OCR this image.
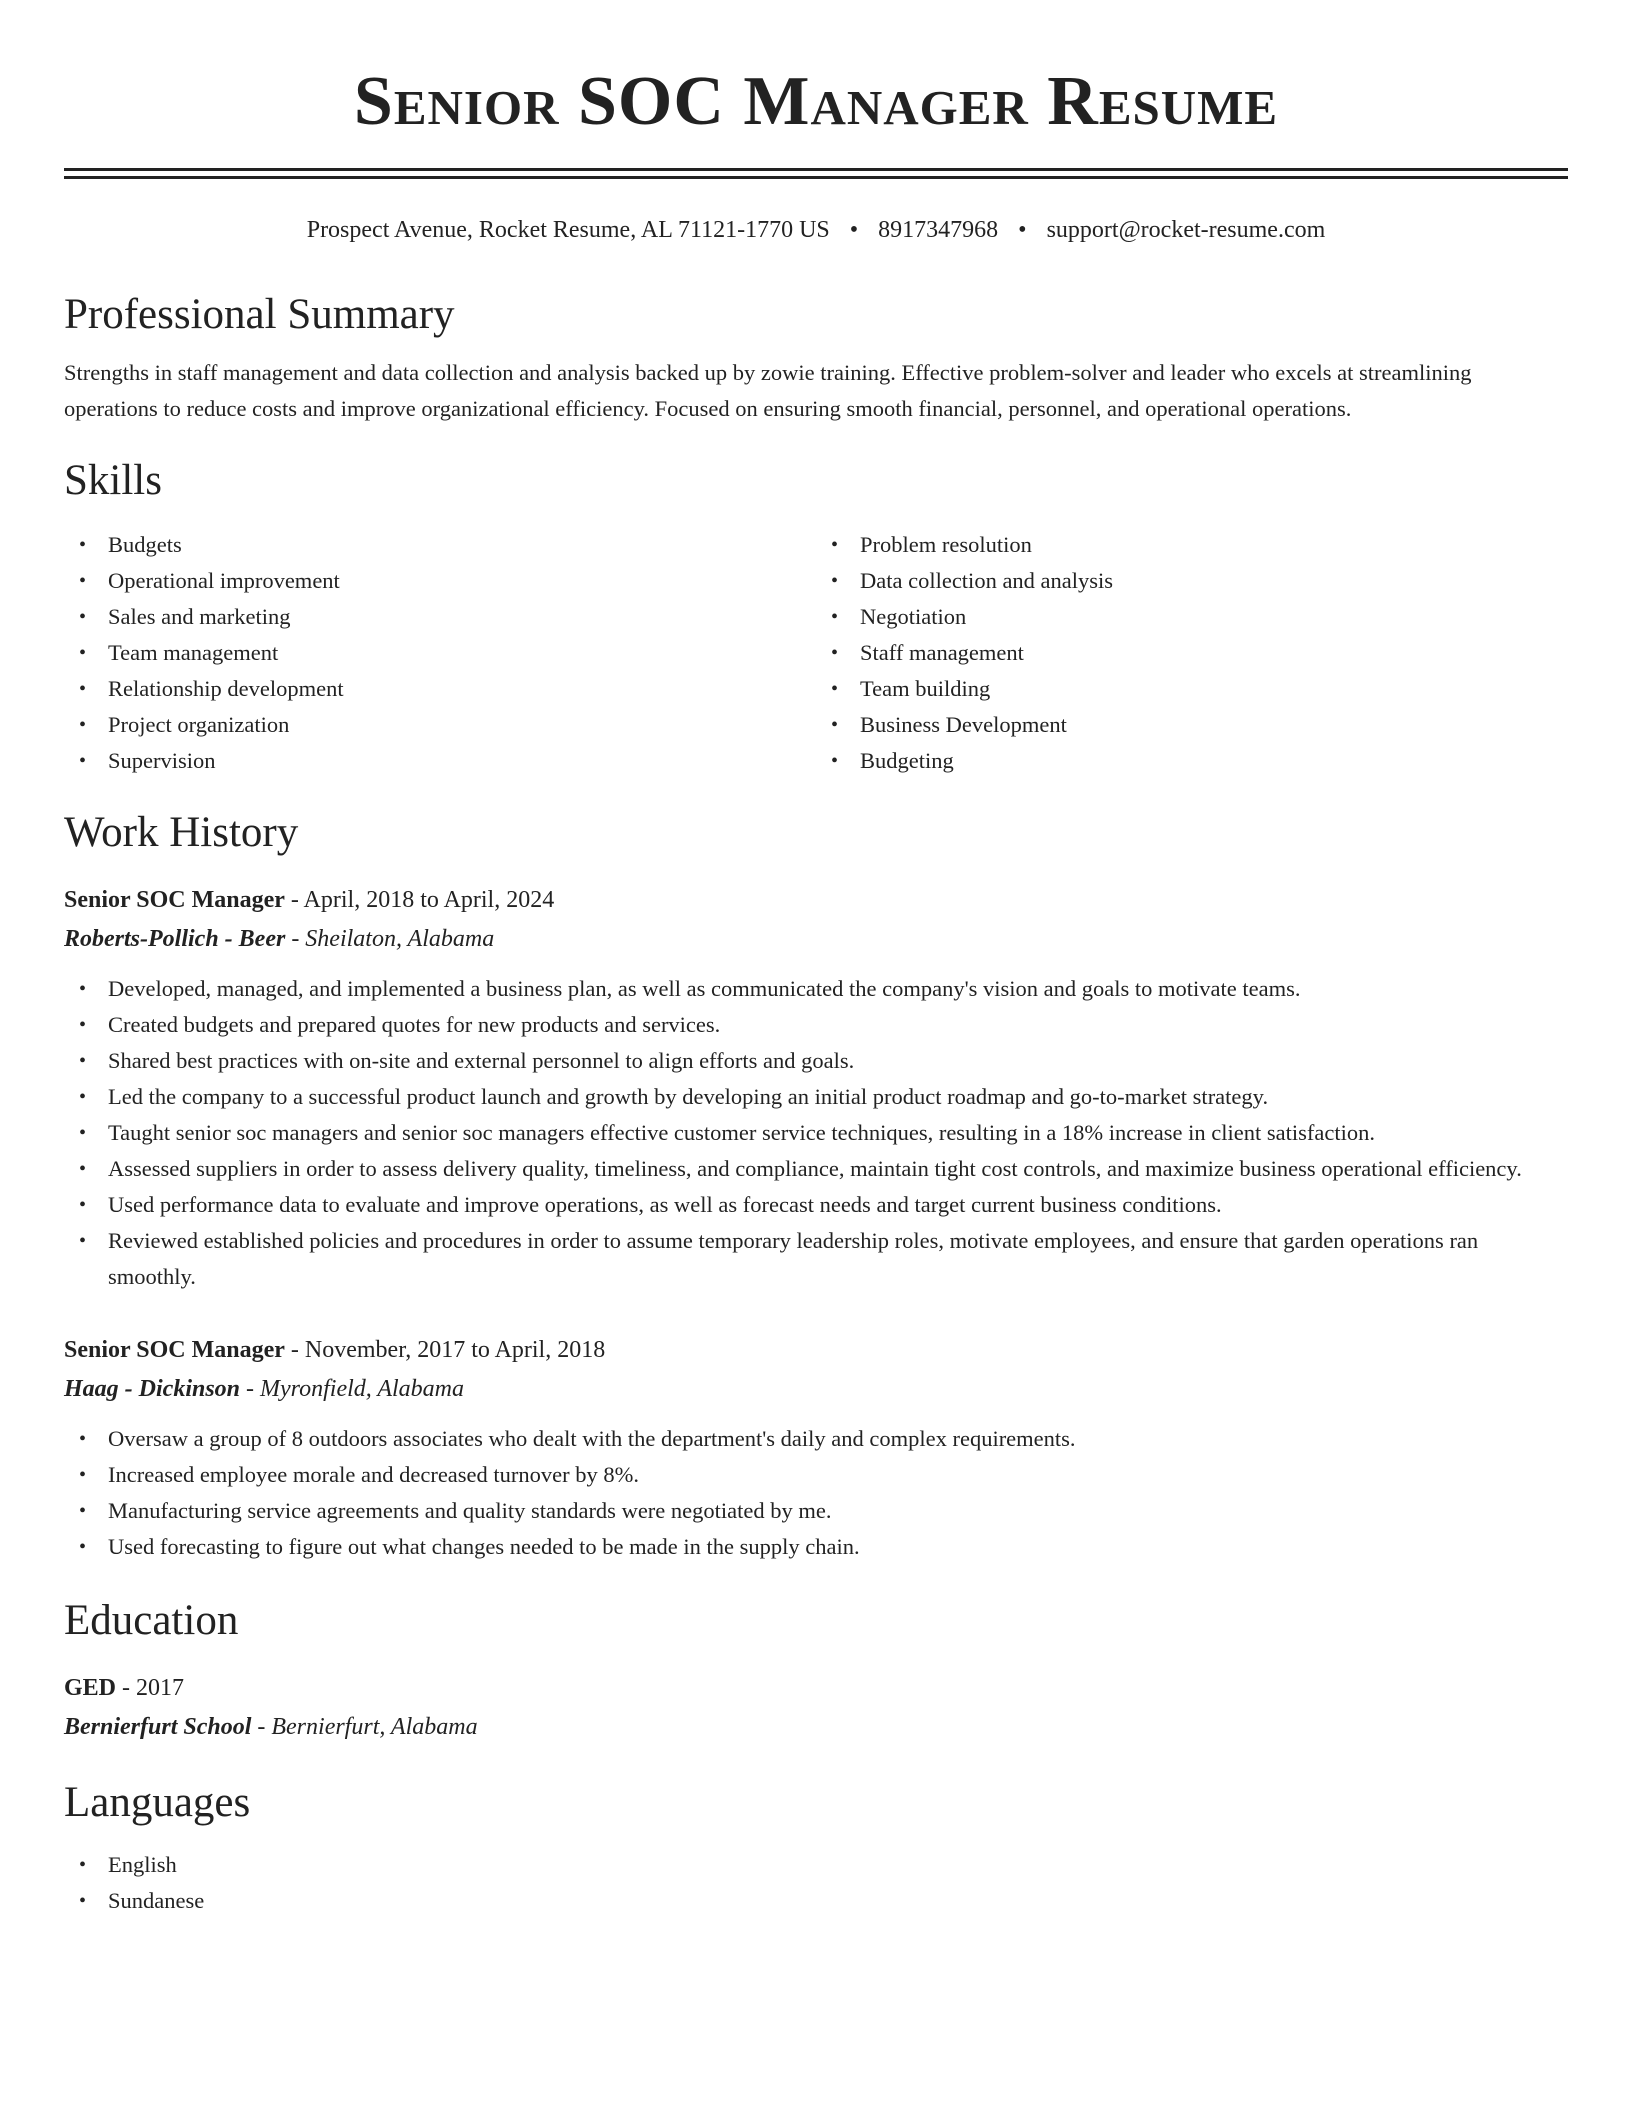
Senior SOC Manager Resume
Prospect Avenue, Rocket Resume, AL 71121-1770 US • 8917347968 • support@rocket-resume.com
Professional Summary

Strengths in staff management and data collection and analysis backed up by zowie training. Effective problem-solver and leader who excels at streamlining operations to reduce costs and improve organizational efficiency. Focused on ensuring smooth financial, personnel, and operational operations.

Skills
• Budgets
• Operational improvement
• Sales and marketing
• Team management
• Relationship development
• Project organization
• Supervision
• Problem resolution
• Data collection and analysis
• Negotiation
• Staff management
• Team building
• Business Development
• Budgeting
Work History
Senior SOC Manager - April, 2018 to April, 2024
Roberts-Pollich - Beer - Sheilaton, Alabama
• Developed, managed, and implemented a business plan, as well as communicated the company's vision and goals to motivate teams.
• Created budgets and prepared quotes for new products and services.
• Shared best practices with on-site and external personnel to align efforts and goals.
• Led the company to a successful product launch and growth by developing an initial product roadmap and go-to-market strategy.
• Taught senior soc managers and senior soc managers effective customer service techniques, resulting in a 18% increase in client satisfaction.
• Assessed suppliers in order to assess delivery quality, timeliness, and compliance, maintain tight cost controls, and maximize business operational efficiency.
• Used performance data to evaluate and improve operations, as well as forecast needs and target current business conditions.
• Reviewed established policies and procedures in order to assume temporary leadership roles, motivate employees, and ensure that garden operations ran smoothly.
Senior SOC Manager - November, 2017 to April, 2018
Haag - Dickinson - Myronfield, Alabama
• Oversaw a group of 8 outdoors associates who dealt with the department's daily and complex requirements.
• Increased employee morale and decreased turnover by 8%.
• Manufacturing service agreements and quality standards were negotiated by me.
• Used forecasting to figure out what changes needed to be made in the supply chain.
Education
GED - 2017
Bernierfurt School - Bernierfurt, Alabama
Languages
• English
• Sundanese
